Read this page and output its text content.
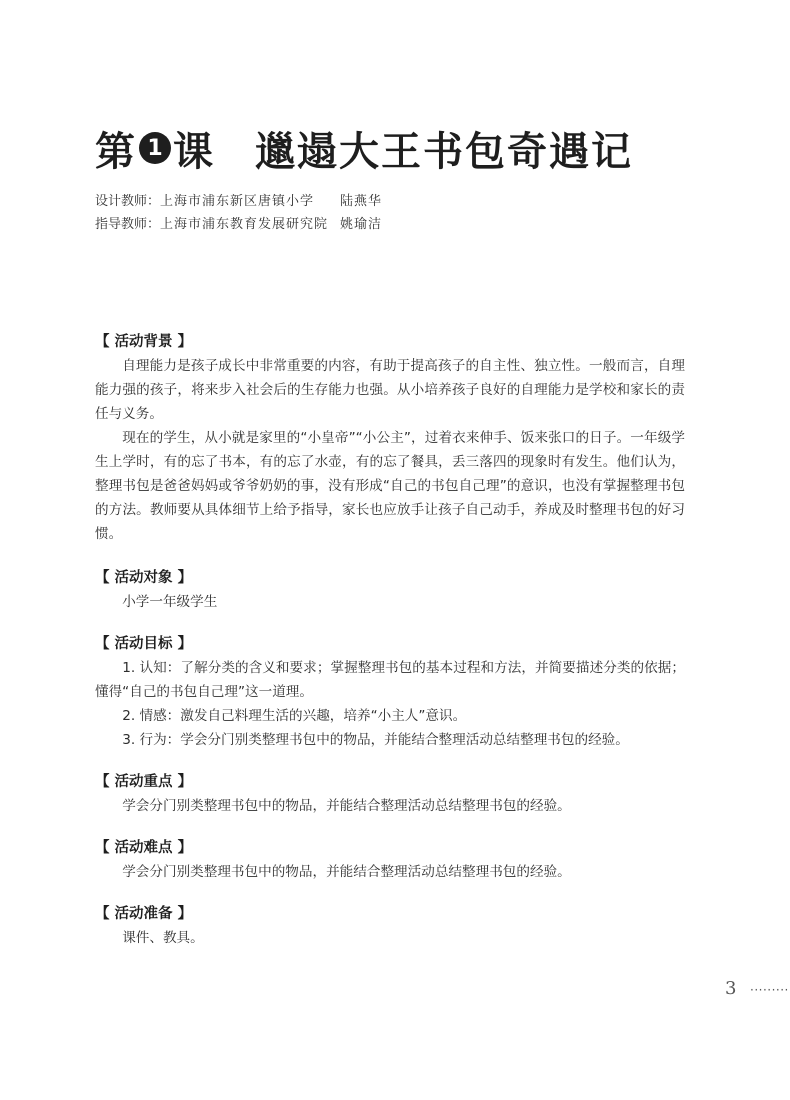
第 1 课 邋遢大王书包奇遇记
设计教师：上海市浦东新区唐镇小学 陆燕华
指导教师：上海市浦东教育发展研究院 姚瑜洁
【 活动背景 】

自理能力是孩子成长中非常重要的内容，有助于提高孩子的自主性、独立性。一般而言，自理能力强的孩子，将来步入社会后的生存能力也强。从小培养孩子良好的自理能力是学校和家长的责任与义务。

现在的学生，从小就是家里的“小皇帝”“小公主”，过着衣来伸手、饭来张口的日子。一年级学生上学时，有的忘了书本，有的忘了水壶，有的忘了餐具，丢三落四的现象时有发生。他们认为，整理书包是爸爸妈妈或爷爷奶奶的事，没有形成“自己的书包自己理”的意识，也没有掌握整理书包的方法。教师要从具体细节上给予指导，家长也应放手让孩子自己动手，养成及时整理书包的好习惯。

【 活动对象 】

小学一年级学生

【 活动目标 】

1. 认知：了解分类的含义和要求；掌握整理书包的基本过程和方法，并简要描述分类的依据；懂得“自己的书包自己理”这一道理。

2. 情感：激发自己料理生活的兴趣，培养“小主人”意识。

3. 行为：学会分门别类整理书包中的物品，并能结合整理活动总结整理书包的经验。

【 活动重点 】

学会分门别类整理书包中的物品，并能结合整理活动总结整理书包的经验。

【 活动难点 】

学会分门别类整理书包中的物品，并能结合整理活动总结整理书包的经验。

【 活动准备 】

课件、教具。

3 ·········
